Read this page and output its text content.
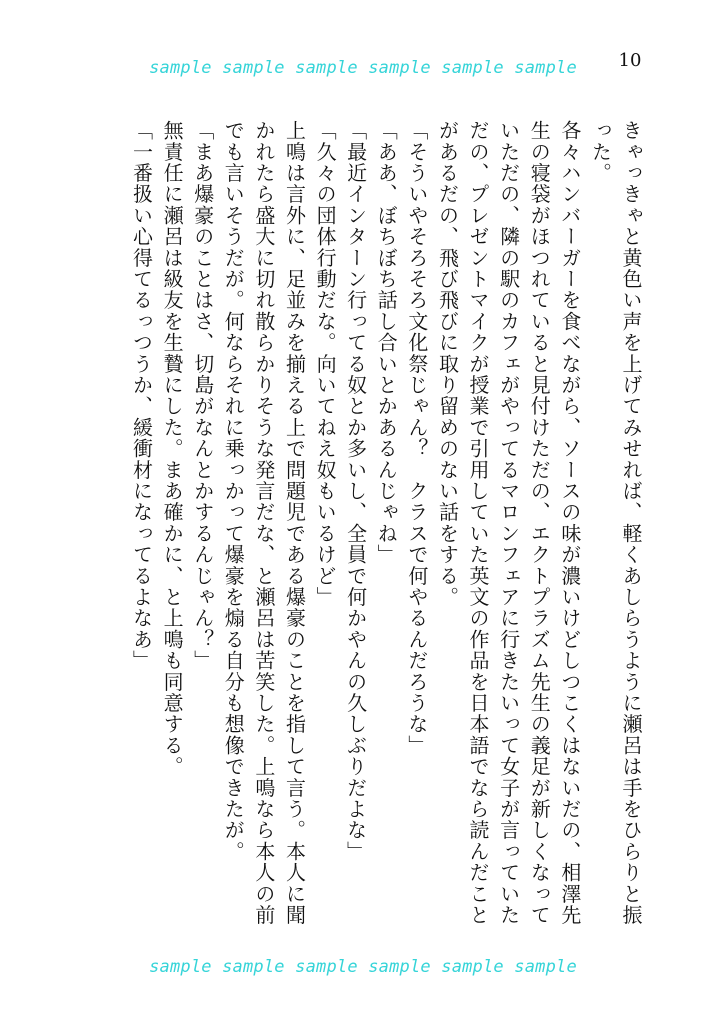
sample sample sample sample sample sample	10

きゃっきゃと黄色い声を上げてみせれば、軽くあしらうように瀬呂は手をひらりと振った。

各々ハンバーガーを食べながら、ソースの味が濃いけどしつこくはないだの、相澤先生の寝袋がほつれていると見付けただの、エクトプラズム先生の義足が新しくなっていただの、隣の駅のカフェがやってるマロンフェアに行きたいって女子が言っていただの、プレゼントマイクが授業で引用していた英文の作品を日本語でなら読んだことがあるだの、飛び飛びに取り留めのない話をする。

「そういやそろそろ文化祭じゃん？　クラスで何やるんだろうな」

「ああ、ぼちぼち話し合いとかあるんじゃね」

「最近インターン行ってる奴とか多いし、全員で何かやんの久しぶりだよな」

「久々の団体行動だな。向いてねえ奴もいるけど」

上鳴は言外に、足並みを揃える上で問題児である爆豪のことを指して言う。本人に聞かれたら盛大に切れ散らかりそうな発言だな、と瀬呂は苦笑した。上鳴なら本人の前でも言いそうだが。何ならそれに乗っかって爆豪を煽る自分も想像できたが。

「まあ爆豪のことはさ、切島がなんとかするんじゃん？」

無責任に瀬呂は級友を生贄にした。まあ確かに、と上鳴も同意する。

「一番扱い心得てるっつうか、緩衝材になってるよなあ」

sample sample sample sample sample sample
